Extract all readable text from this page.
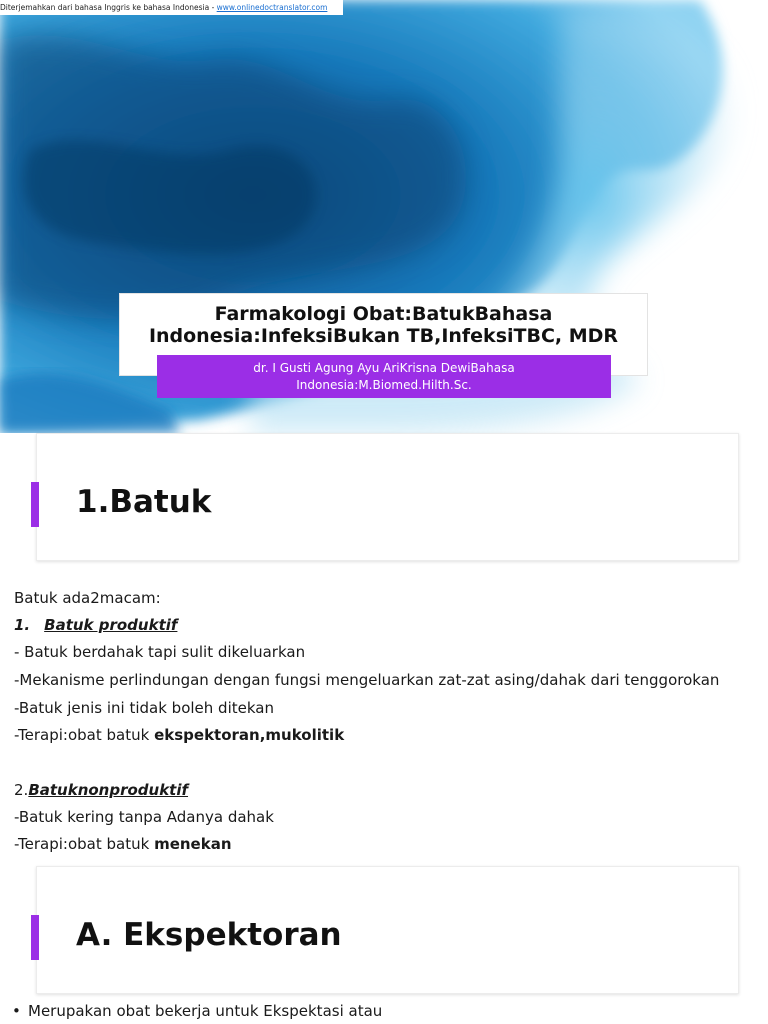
Farmakologi Obat:BatukBahasa
Indonesia:InfeksiBukan TB,InfeksiTBC, MDR
dr. I Gusti Agung Ayu AriKrisna DewiBahasa
Indonesia:M.Biomed.Hilth.Sc.
Diterjemahkan dari bahasa Inggris ke bahasa Indonesia - www.onlinedoctranslator.com
1.Batuk
Batuk ada2macam:
1. Batuk produktif
- Batuk berdahak tapi sulit dikeluarkan
-Mekanisme perlindungan dengan fungsi mengeluarkan zat-zat asing/dahak dari tenggorokan
-Batuk jenis ini tidak boleh ditekan
-Terapi:obat batuk ekspektoran,mukolitik
2.Batuknonproduktif
-Batuk kering tanpa Adanya dahak
-Terapi:obat batuk menekan
A. Ekspektoran
• Merupakan obat bekerja untuk Ekspektasi atau
